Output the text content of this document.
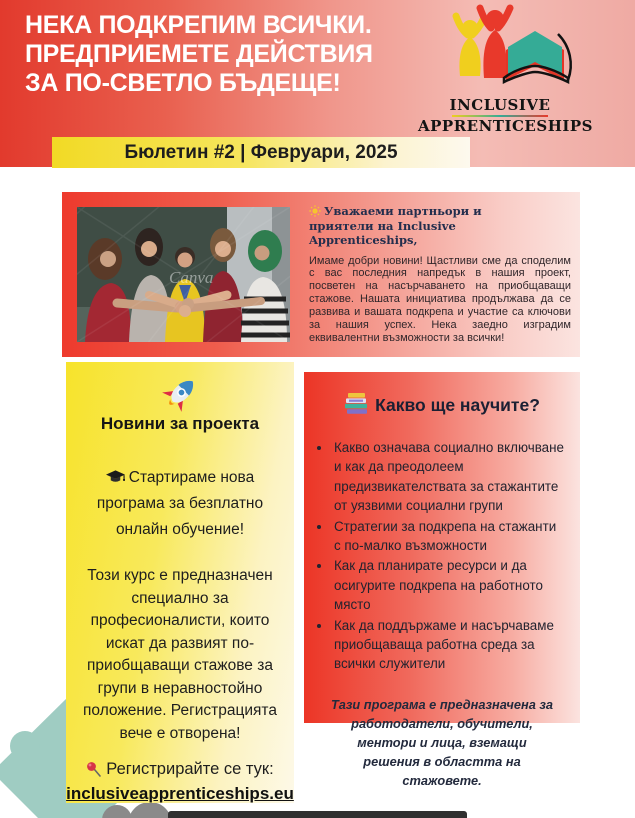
НЕКА ПОДКРЕПИМ ВСИЧКИ.
ПРЕДПРИЕМЕТЕ ДЕЙСТВИЯ
ЗА ПО-СВЕТЛО БЪДЕЩЕ!
INCLUSIVE
APPRENTICESHIPS
Бюлетин #2 | Февруари, 2025
Canva
Уважаеми партньори и приятели на Inclusive Apprenticeships,
Имаме добри новини! Щастливи сме да споделим с вас последния напредък в нашия проект, посветен на насърчаването на приобщаващи стажове. Нашата инициатива продължава да се развива и вашата подкрепа и участие са ключови за нашия успех. Нека заедно изградим еквивалентни възможности за всички!
Новини за проекта
Стартираме нова програма за безплатно онлайн обучение!
Този курс е предназначен специално за професионалисти, които искат да развият по-приобщаващи стажове за групи в неравностойно положение. Регистрацията вече е отворена!
Регистрирайте се тук:
inclusiveapprenticeships.eu
Какво ще научите?
• Какво означава социално включване и как да преодолеем предизвикателствата за стажантите от уязвими социални групи
• Стратегии за подкрепа на стажанти с по-малко възможности
• Как да планирате ресурси и да осигурите подкрепа на работното място
• Как да поддържаме и насърчаваме приобщаваща работна среда за всички служители
Тази програма е предназначена за работодатели, обучители, ментори и лица, вземащи решения в областта на стажовете.
